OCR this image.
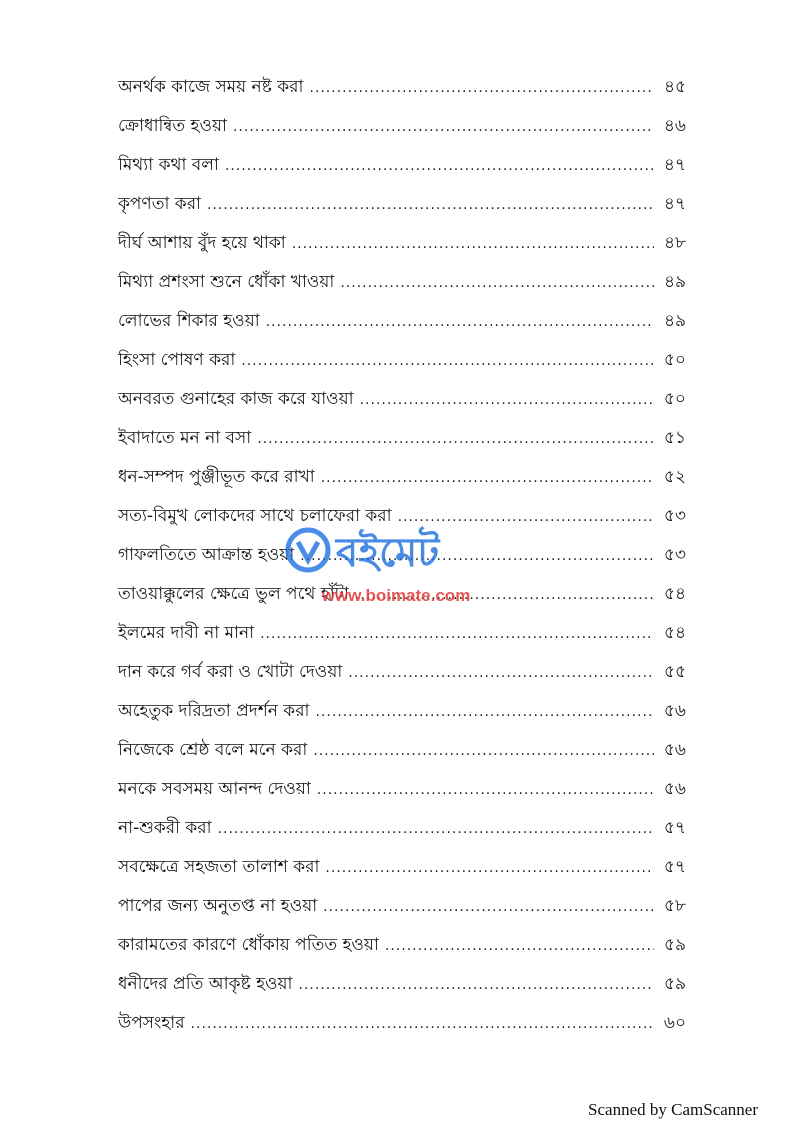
অনর্থক কাজে সময় নষ্ট করা .....	৪৫
ক্রোধান্বিত হওয়া .....	৪৬
মিথ্যা কথা বলা .....	৪৭
কৃপণতা করা .....	৪৭
দীর্ঘ আশায় বুঁদ হয়ে থাকা .....	৪৮
মিথ্যা প্রশংসা শুনে ধোঁকা খাওয়া .....	৪৯
লোভের শিকার হওয়া .....	৪৯
হিংসা পোষণ করা .....	৫০
অনবরত গুনাহের কাজ করে যাওয়া .....	৫০
ইবাদাতে মন না বসা .....	৫১
ধন-সম্পদ পুঞ্জীভূত করে রাখা .....	৫২
সত্য-বিমুখ লোকদের সাথে চলাফেরা করা .....	৫৩
গাফলতিতে আক্রান্ত হওয়া .....	৫৩
তাওয়াক্কুলের ক্ষেত্রে ভুল পথে হাঁটা .....	৫৪
ইলমের দাবী না মানা .....	৫৪
দান করে গর্ব করা ও খোটা দেওয়া .....	৫৫
অহেতুক দরিদ্রতা প্রদর্শন করা .....	৫৬
নিজেকে শ্রেষ্ঠ বলে মনে করা .....	৫৬
মনকে সবসময় আনন্দ দেওয়া .....	৫৬
না-শুকরী করা .....	৫৭
সবক্ষেত্রে সহজতা তালাশ করা .....	৫৭
পাপের জন্য অনুতপ্ত না হওয়া .....	৫৮
কারামতের কারণে ধোঁকায় পতিত হওয়া .....	৫৯
ধনীদের প্রতি আকৃষ্ট হওয়া .....	৫৯
উপসংহার .....	৬০
বইমেট
www.boimate.com
Scanned by CamScanner
